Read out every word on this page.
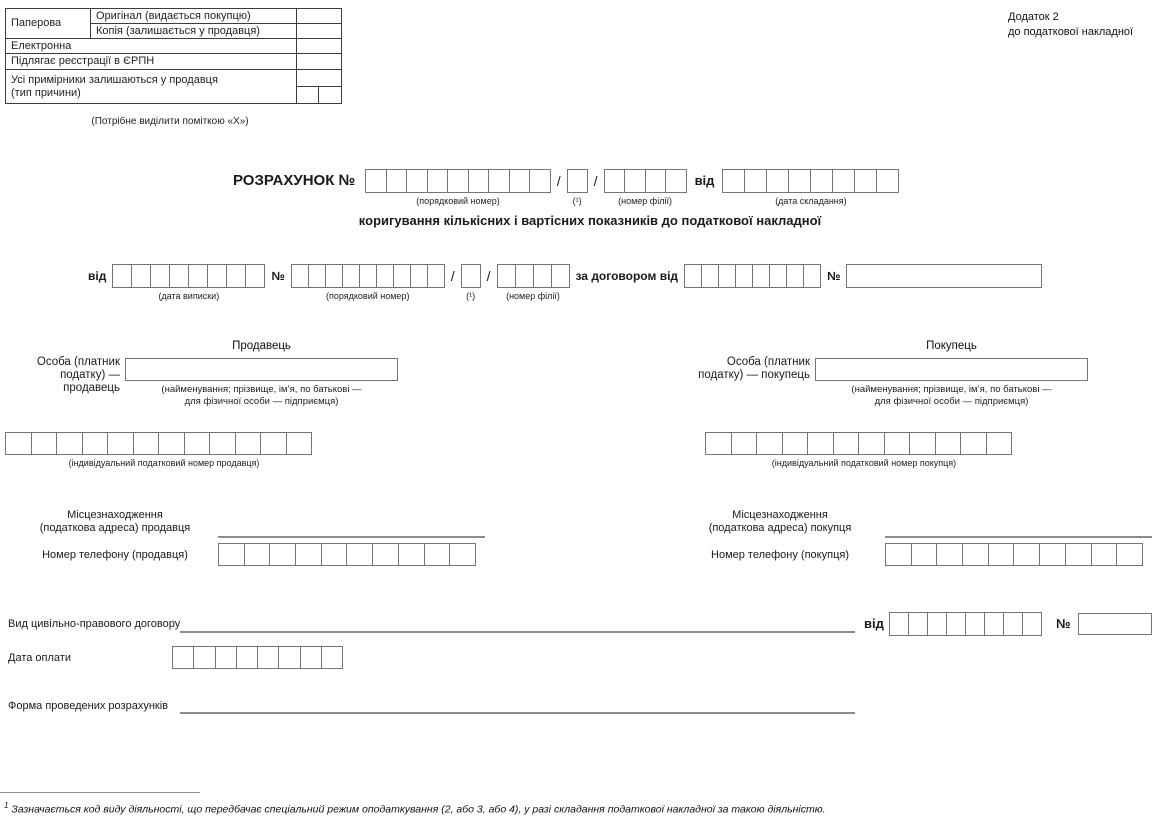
Паперова	Оригінал (видається покупцю)		
	Копія (залишається у продавця)		
Електронна			
Підлягає реєстрації в ЄРПН			
Усі примірники залишаються у продавця
(тип причини)			

Додаток 2
до податкової накладної
(Потрібне виділити поміткою «Х»)
РОЗРАХУНОК №
(порядковий номер)
/
(¹)
/
(номер філії)
від
(дата складання)
коригування кількісних і вартісних показників до податкової накладної
від
(дата виписки)
№
(порядковий номер)
/
(¹)
/
(номер філії)
за договором від	№
Продавець
Особа (платник
податку) — продавець	(найменування; прізвище, ім’я, по батькові —
для фізичної особи — підприємця)
(індивідуальний податковий номер продавця)
Місцезнаходження
(податкова адреса) продавця
Номер телефону (продавця)
Покупець
Особа (платник
податку) — покупець
(найменування; прізвище, ім’я, по батькові —
для фізичної особи — підприємця)
(індивідуальний податковий номер покупця)
Місцезнаходження
(податкова адреса) покупця
Номер телефону (покупця)
Вид цивільно-правового договору	від	№
Дата оплати
Форма проведених розрахунків
$^1$ Зазначається код виду діяльності, що передбачає спеціальний режим оподаткування (2, або 3, або 4), у разі складання податкової накладної за такою діяльністю.
